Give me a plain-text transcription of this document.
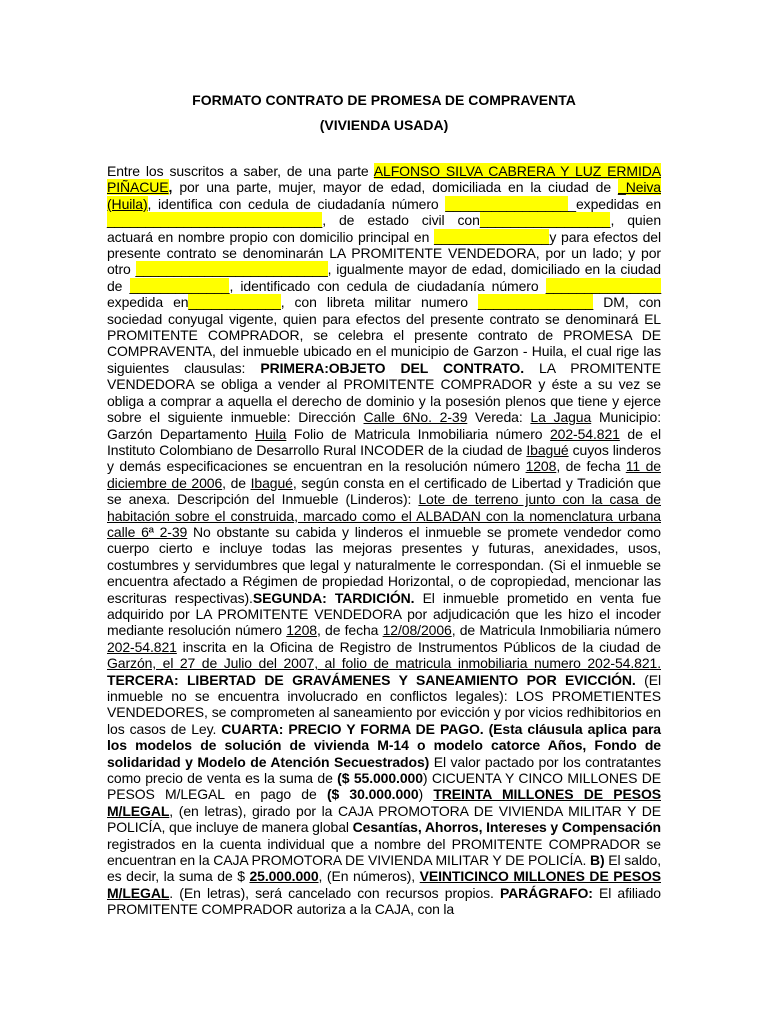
FORMATO CONTRATO DE PROMESA DE COMPRAVENTA

(VIVIENDA USADA)

Entre los suscritos a saber, de una parte ALFONSO SILVA CABRERA Y LUZ ERMIDA PIÑACUE, por una parte, mujer, mayor de edad, domiciliada en la ciudad de _Neiva (Huila), identifica con cedula de ciudadanía número _________________expedidas en ____________________________, de estado civil con_________________, quien actuará en nombre propio con domicilio principal en _______________y para efectos del presente contrato se denominarán LA PROMITENTE VENDEDORA, por un lado; y por otro _________________________, igualmente mayor de edad, domiciliado en la ciudad de _____________, identificado con cedula de ciudadanía número _______________ expedida en____________, con libreta militar numero _______________ DM, con sociedad conyugal vigente, quien para efectos del presente contrato se denominará EL PROMITENTE COMPRADOR, se celebra el presente contrato de PROMESA DE COMPRAVENTA, del inmueble ubicado en el municipio de Garzon - Huila, el cual rige las siguientes clausulas: PRIMERA:OBJETO DEL CONTRATO. LA PROMITENTE VENDEDORA se obliga a vender al PROMITENTE COMPRADOR y éste a su vez se obliga a comprar a aquella el derecho de dominio y la posesión plenos que tiene y ejerce sobre el siguiente inmueble: Dirección Calle 6No. 2-39 Vereda: La Jagua Municipio: Garzón Departamento Huila Folio de Matricula Inmobiliaria número 202-54.821 de el Instituto Colombiano de Desarrollo Rural INCODER de la ciudad de Ibagué cuyos linderos y demás especificaciones se encuentran en la resolución número 1208, de fecha 11 de diciembre de 2006, de Ibagué, según consta en el certificado de Libertad y Tradición que se anexa. Descripción del Inmueble (Linderos): Lote de terreno junto con la casa de habitación sobre el construida, marcado como el ALBADAN con la nomenclatura urbana calle 6ª 2-39 No obstante su cabida y linderos el inmueble se promete vendedor como cuerpo cierto e incluye todas las mejoras presentes y futuras, anexidades, usos, costumbres y servidumbres que legal y naturalmente le correspondan. (Si el inmueble se encuentra afectado a Régimen de propiedad Horizontal, o de copropiedad, mencionar las escrituras respectivas).SEGUNDA: TARDICIÓN. El inmueble prometido en venta fue adquirido por LA PROMITENTE VENDEDORA por adjudicación que les hizo el incoder mediante resolución número 1208, de fecha 12/08/2006, de Matricula Inmobiliaria número 202-54.821 inscrita en la Oficina de Registro de Instrumentos Públicos de la ciudad de Garzón, el 27 de Julio del 2007, al folio de matricula inmobiliaria numero 202-54.821. TERCERA: LIBERTAD DE GRAVÁMENES Y SANEAMIENTO POR EVICCIÓN. (El inmueble no se encuentra involucrado en conflictos legales): LOS PROMETIENTES VENDEDORES, se comprometen al saneamiento por evicción y por vicios redhibitorios en los casos de Ley. CUARTA: PRECIO Y FORMA DE PAGO. (Esta cláusula aplica para los modelos de solución de vivienda M-14 o modelo catorce Años, Fondo de solidaridad y Modelo de Atención Secuestrados) El valor pactado por los contratantes como precio de venta es la suma de ($ 55.000.000) CICUENTA Y CINCO MILLONES DE PESOS M/LEGAL en pago de ($ 30.000.000) TREINTA MILLONES DE PESOS M/LEGAL, (en letras), girado por la CAJA PROMOTORA DE VIVIENDA MILITAR Y DE POLICÍA, que incluye de manera global Cesantías, Ahorros, Intereses y Compensación registrados en la cuenta individual que a nombre del PROMITENTE COMPRADOR se encuentran en la CAJA PROMOTORA DE VIVIENDA MILITAR Y DE POLICÍA. B) El saldo, es decir, la suma de $ 25.000.000, (En números), VEINTICINCO MILLONES DE PESOS M/LEGAL. (En letras), será cancelado con recursos propios. PARÁGRAFO: El afiliado PROMITENTE COMPRADOR autoriza a la CAJA, con la
